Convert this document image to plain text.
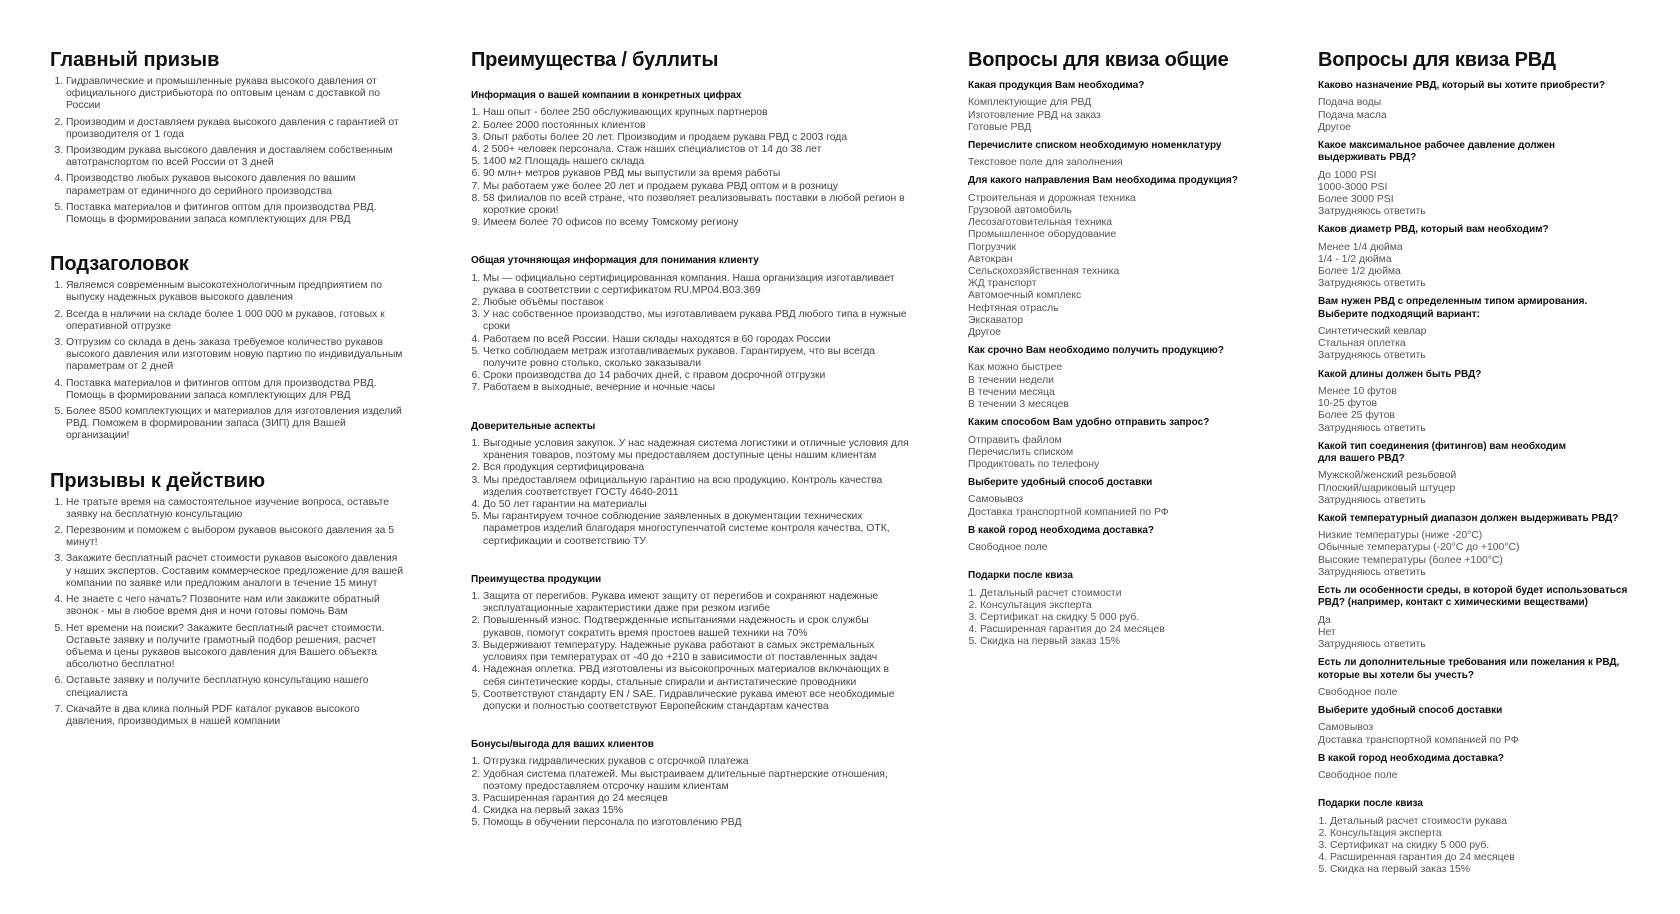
Главный призыв
1. Гидравлические и промышленные рукава высокого давления от официального дистрибьютора по оптовым ценам с доставкой по России
2. Производим и доставляем рукава высокого давления с гарантией от производителя от 1 года
3. Производим рукава высокого давления и доставляем собственным автотранспортом по всей России от 3 дней
4. Производство любых рукавов высокого давления по вашим параметрам от единичного до серийного производства
5. Поставка материалов и фитингов оптом для производства РВД. Помощь в формировании запаса комплектующих для РВД
Подзаголовок
1. Являемся современным высокотехнологичным предприятием по выпуску надежных рукавов высокого давления
2. Всегда в наличии на складе более 1 000 000 м рукавов, готовых к оперативной отгрузке
3. Отгрузим со склада в день заказа требуемое количество рукавов высокого давления или изготовим новую партию по индивидуальным параметрам от 2 дней
4. Поставка материалов и фитингов оптом для производства РВД. Помощь в формировании запаса комплектующих для РВД
5. Более 8500 комплектующих и материалов для изготовления изделий РВД. Поможем в формировании запаса (ЗИП) для Вашей организации!
Призывы к действию
1. Не тратьте время на самостоятельное изучение вопроса, оставьте заявку на бесплатную консультацию
2. Перезвоним и поможем с выбором рукавов высокого давления за 5 минут!
3. Закажите бесплатный расчет стоимости рукавов высокого давления у наших экспертов. Составим коммерческое предложение для вашей компании по заявке или предложим аналоги в течение 15 минут
4. Не знаете с чего начать? Позвоните нам или закажите обратный звонок - мы в любое время дня и ночи готовы помочь Вам
5. Нет времени на поиски? Закажите бесплатный расчет стоимости. Оставьте заявку и получите грамотный подбор решения, расчет объема и цены рукавов высокого давления для Вашего объекта абсолютно бесплатно!
6. Оставьте заявку и получите бесплатную консультацию нашего специалиста
7. Скачайте в два клика полный PDF каталог рукавов высокого давления, производимых в нашей компании
Преимущества / буллиты
Информация о вашей компании в конкретных цифрах
1. Наш опыт - более 250 обслуживающих крупных партнеров
2. Более 2000 постоянных клиентов
3. Опыт работы более 20 лет. Производим и продаем рукава РВД с 2003 года
4. 2 500+ человек персонала. Стаж наших специалистов от 14 до 38 лет
5. 1400 м2 Площадь нашего склада
6. 90 млн+ метров рукавов РВД мы выпустили за время работы
7. Мы работаем уже более 20 лет и продаем рукава РВД оптом и в розницу
8. 58 филиалов по всей стране, что позволяет реализовывать поставки в любой регион в короткие сроки!
9. Имеем более 70 офисов по всему Томскому региону
Общая уточняющая информация для понимания клиенту
1. Мы — официально сертифицированная компания. Наша организация изготавливает рукава в соответствии с сертификатом RU.MP04.B03.369
2. Любые объёмы поставок
3. У нас собственное производство, мы изготавливаем рукава РВД любого типа в нужные сроки
4. Работаем по всей России. Наши склады находятся в 60 городах России
5. Четко соблюдаем метраж изготавливаемых рукавов. Гарантируем, что вы всегда получите ровно столько, сколько заказывали
6. Сроки производства до 14 рабочих дней, с правом досрочной отгрузки
7. Работаем в выходные, вечерние и ночные часы
Доверительные аспекты
1. Выгодные условия закупок. У нас надежная система логистики и отличные условия для хранения товаров, поэтому мы предоставляем доступные цены нашим клиентам
2. Вся продукция сертифицирована
3. Мы предоставляем официальную гарантию на всю продукцию. Контроль качества изделия соответствует ГОСТу 4640-2011
4. До 50 лет гарантии на материалы
5. Мы гарантируем точное соблюдение заявленных в документации технических параметров изделий благодаря многоступенчатой системе контроля качества, ОТК, сертификации и соответствию ТУ
Преимущества продукции
1. Защита от перегибов. Рукава имеют защиту от перегибов и сохраняют надежные эксплуатационные характеристики даже при резком изгибе
2. Повышенный износ. Подтвержденные испытаниями надежность и срок службы рукавов, помогут сократить время простоев вашей техники на 70%
3. Выдерживают температуру. Надежные рукава работают в самых экстремальных условиях при температурах от -40 до +210 в зависимости от поставленных задач
4. Надежная оплетка. РВД изготовлены из высокопрочных материалов включающих в себя синтетические корды, стальные спирали и антистатические проводники
5. Соответствуют стандарту EN / SAE. Гидравлические рукава имеют все необходимые допуски и полностью соответствуют Европейским стандартам качества
Бонусы/выгода для ваших клиентов
1. Отгрузка гидравлических рукавов с отсрочкой платежа
2. Удобная система платежей. Мы выстраиваем длительные партнерские отношения, поэтому предоставляем отсрочку нашим клиентам
3. Расширенная гарантия до 24 месяцев
4. Скидка на первый заказ 15%
5. Помощь в обучении персонала по изготовлению РВД
Вопросы для квиза общие
Какая продукция Вам необходима?
Комплектующие для РВД
Изготовление РВД на заказ
Готовые РВД
Перечислите списком необходимую номенклатуру
Текстовое поле для заполнения
Для какого направления Вам необходима продукция?
Строительная и дорожная техника
Грузовой автомобиль
Лесозаготовительная техника
Промышленное оборудование
Погрузчик
Автокран
Сельскохозяйственная техника
ЖД транспорт
Автомоечный комплекс
Нефтяная отрасль
Экскаватор
Другое
Как срочно Вам необходимо получить продукцию?
Как можно быстрее
В течении недели
В течении месяца
В течении 3 месяцев
Каким способом Вам удобно отправить запрос?
Отправить файлом
Перечислить списком
Продиктовать по телефону
Выберите удобный способ доставки
Самовывоз
Доставка транспортной компанией по РФ
В какой город необходима доставка?
Свободное поле
Подарки после квиза
1. Детальный расчет стоимости
2. Консультация эксперта
3. Сертификат на скидку 5 000 руб.
4. Расширенная гарантия до 24 месяцев
5. Скидка на первый заказ 15%
Вопросы для квиза РВД
Каково назначение РВД, который вы хотите приобрести?
Подача воды
Подача масла
Другое
Какое максимальное рабочее давление должен
выдерживать РВД?
До 1000 PSI
1000-3000 PSI
Более 3000 PSI
Затрудняюсь ответить
Каков диаметр РВД, который вам необходим?
Менее 1/4 дюйма
1/4 - 1/2 дюйма
Более 1/2 дюйма
Затрудняюсь ответить
Вам нужен РВД с определенным типом армирования.
Выберите подходящий вариант:
Синтетический кевлар
Стальная оплетка
Затрудняюсь ответить
Какой длины должен быть РВД?
Менее 10 футов
10-25 футов
Более 25 футов
Затрудняюсь ответить
Какой тип соединения (фитингов) вам необходим
для вашего РВД?
Мужской/женский резьбовой
Плоский/шариковый штуцер
Затрудняюсь ответить
Какой температурный диапазон должен выдерживать РВД?
Низкие температуры (ниже -20°C)
Обычные температуры (-20°C до +100°C)
Высокие температуры (более +100°C)
Затрудняюсь ответить
Есть ли особенности среды, в которой будет использоваться
РВД? (например, контакт с химическими веществами)
Да
Нет
Затрудняюсь ответить
Есть ли дополнительные требования или пожелания к РВД,
которые вы хотели бы учесть?
Свободное поле
Выберите удобный способ доставки
Самовывоз
Доставка транспортной компанией по РФ
В какой город необходима доставка?
Свободное поле
Подарки после квиза
1. Детальный расчет стоимости рукава
2. Консультация эксперта
3. Сертификат на скидку 5 000 руб.
4. Расширенная гарантия до 24 месяцев
5. Скидка на первый заказ 15%
